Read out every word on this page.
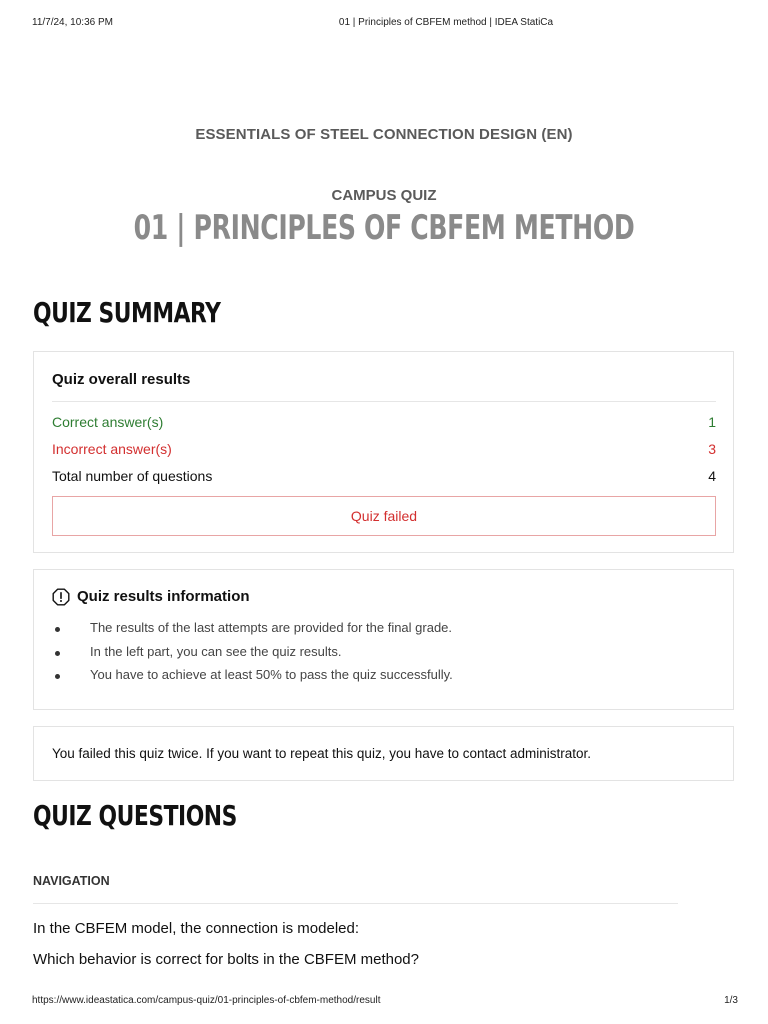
11/7/24, 10:36 PM	01 | Principles of CBFEM method | IDEA StatiCa
ESSENTIALS OF STEEL CONNECTION DESIGN (EN)
CAMPUS QUIZ
01 | PRINCIPLES OF CBFEM METHOD
QUIZ SUMMARY
Quiz overall results
Correct answer(s)	1
Incorrect answer(s)	3
Total number of questions	4
Quiz failed
Quiz results information
The results of the last attempts are provided for the final grade.
In the left part, you can see the quiz results.
You have to achieve at least 50% to pass the quiz successfully.
You failed this quiz twice. If you want to repeat this quiz, you have to contact administrator.
QUIZ QUESTIONS
NAVIGATION
In the CBFEM model, the connection is modeled:
Which behavior is correct for bolts in the CBFEM method?
https://www.ideastatica.com/campus-quiz/01-principles-of-cbfem-method/result	1/3
